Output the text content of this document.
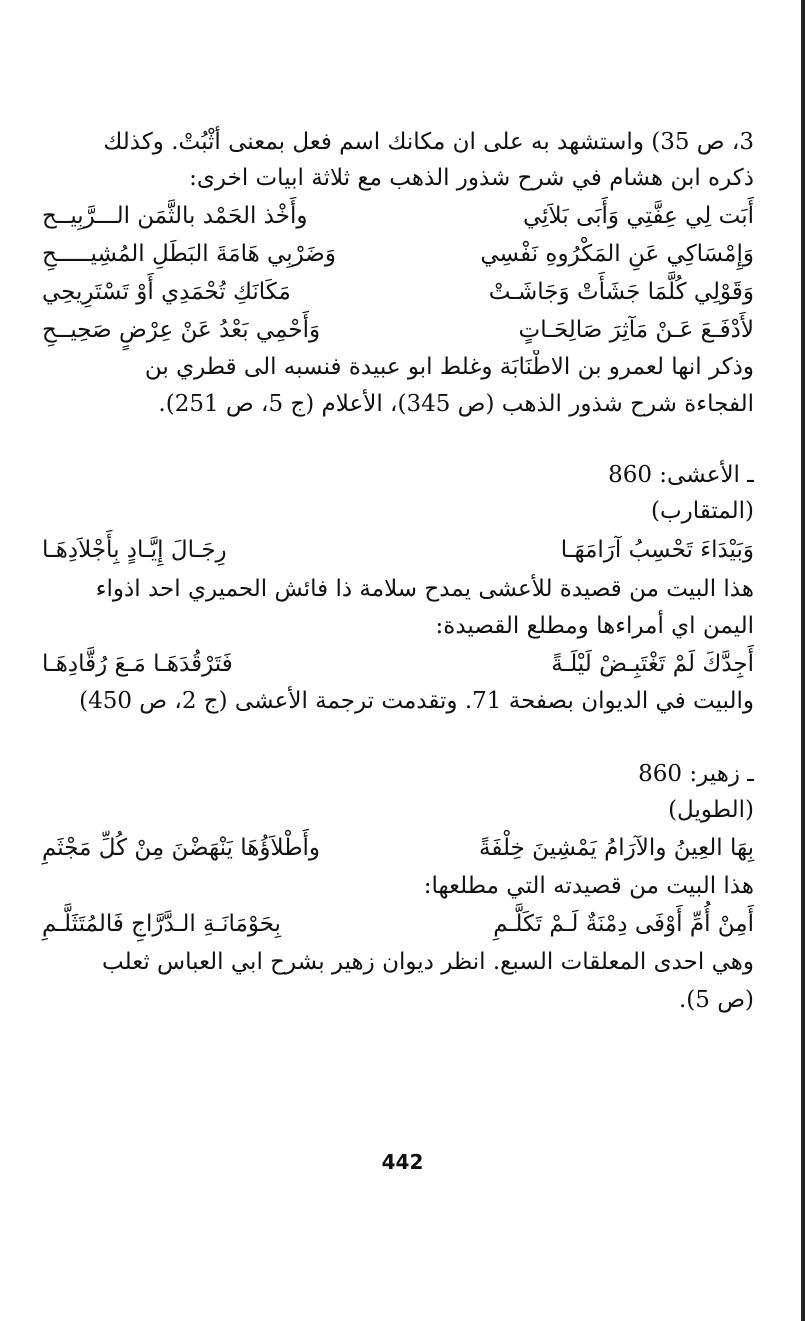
3، ص 35) واستشهد به على ان مكانك اسم فعل بمعنى أَثْبُتْ. وكذلك
ذكره ابن هشام في شرح شذور الذهب مع ثلاثة ابيات اخرى:
أَبَت لِي عِفَّتِي وَأَبَى بَلاَئِي
وأَخْذ الحَمْد بالثَّمَن الـــرَّبِيــح
وَإِمْسَاكِي عَنِ المَكْرُوهِ نَفْسِي
وَضَرْبِي هَامَةَ البَطَلِ المُشِيـــــحِ
وَقَوْلِي كُلَّمَا جَشَأَتْ وَجَاشَـتْ
مَكَانَكِ تُحْمَدِي أَوْ تَسْتَرِيحِي
لأَدْفَـعَ عَـنْ مَآثِرَ صَالِحَـاتٍ
وَأَحْمِي بَعْدُ عَنْ عِرْضٍ صَحِيــحِ
وذكر انها لعمرو بن الاطْنَابَة وغلط ابو عبيدة فنسبه الى قطري بن
الفجاءة شرح شذور الذهب (ص 345)، الأعلام (ج 5، ص 251).
ـ الأعشى: 860
(المتقارب)
وَبَيْدَاءَ تَحْسِبُ آرَامَهَـا
رِجَـالَ إِيَّـادٍ بِأَجْلاَدِهَـا
هذا البيت من قصيدة للأعشى يمدح سلامة ذا فائش الحميري احد اذواء
اليمن اي أمراءها ومطلع القصيدة:
أَجِدَّكَ لَمْ تَغْتَبِـضْ لَيْلَـةً
فَتَرْقُدَهَـا مَـعَ رُقَّادِهَـا
والبيت في الديوان بصفحة 71. وتقدمت ترجمة الأعشى (ج 2، ص 450)
ـ زهير: 860
(الطويل)
بِهَا العِينُ والآرَامُ يَمْشِينَ خِلْفَةً
وأَطْلاَؤُهَا يَنْهَضْنَ مِنْ كُلِّ مَجْثَمِ
هذا البيت من قصيدته التي مطلعها:
أَمِنْ أُمِّ أَوْفَى دِمْنَةٌ لَـمْ تَكَلَّـمِ
بِحَوْمَانَـةِ الـدَّرَّاجِ فَالمُتَثَلَّـمِ
وهي احدى المعلقات السبع. انظر ديوان زهير بشرح ابي العباس ثعلب
(ص 5).
442
